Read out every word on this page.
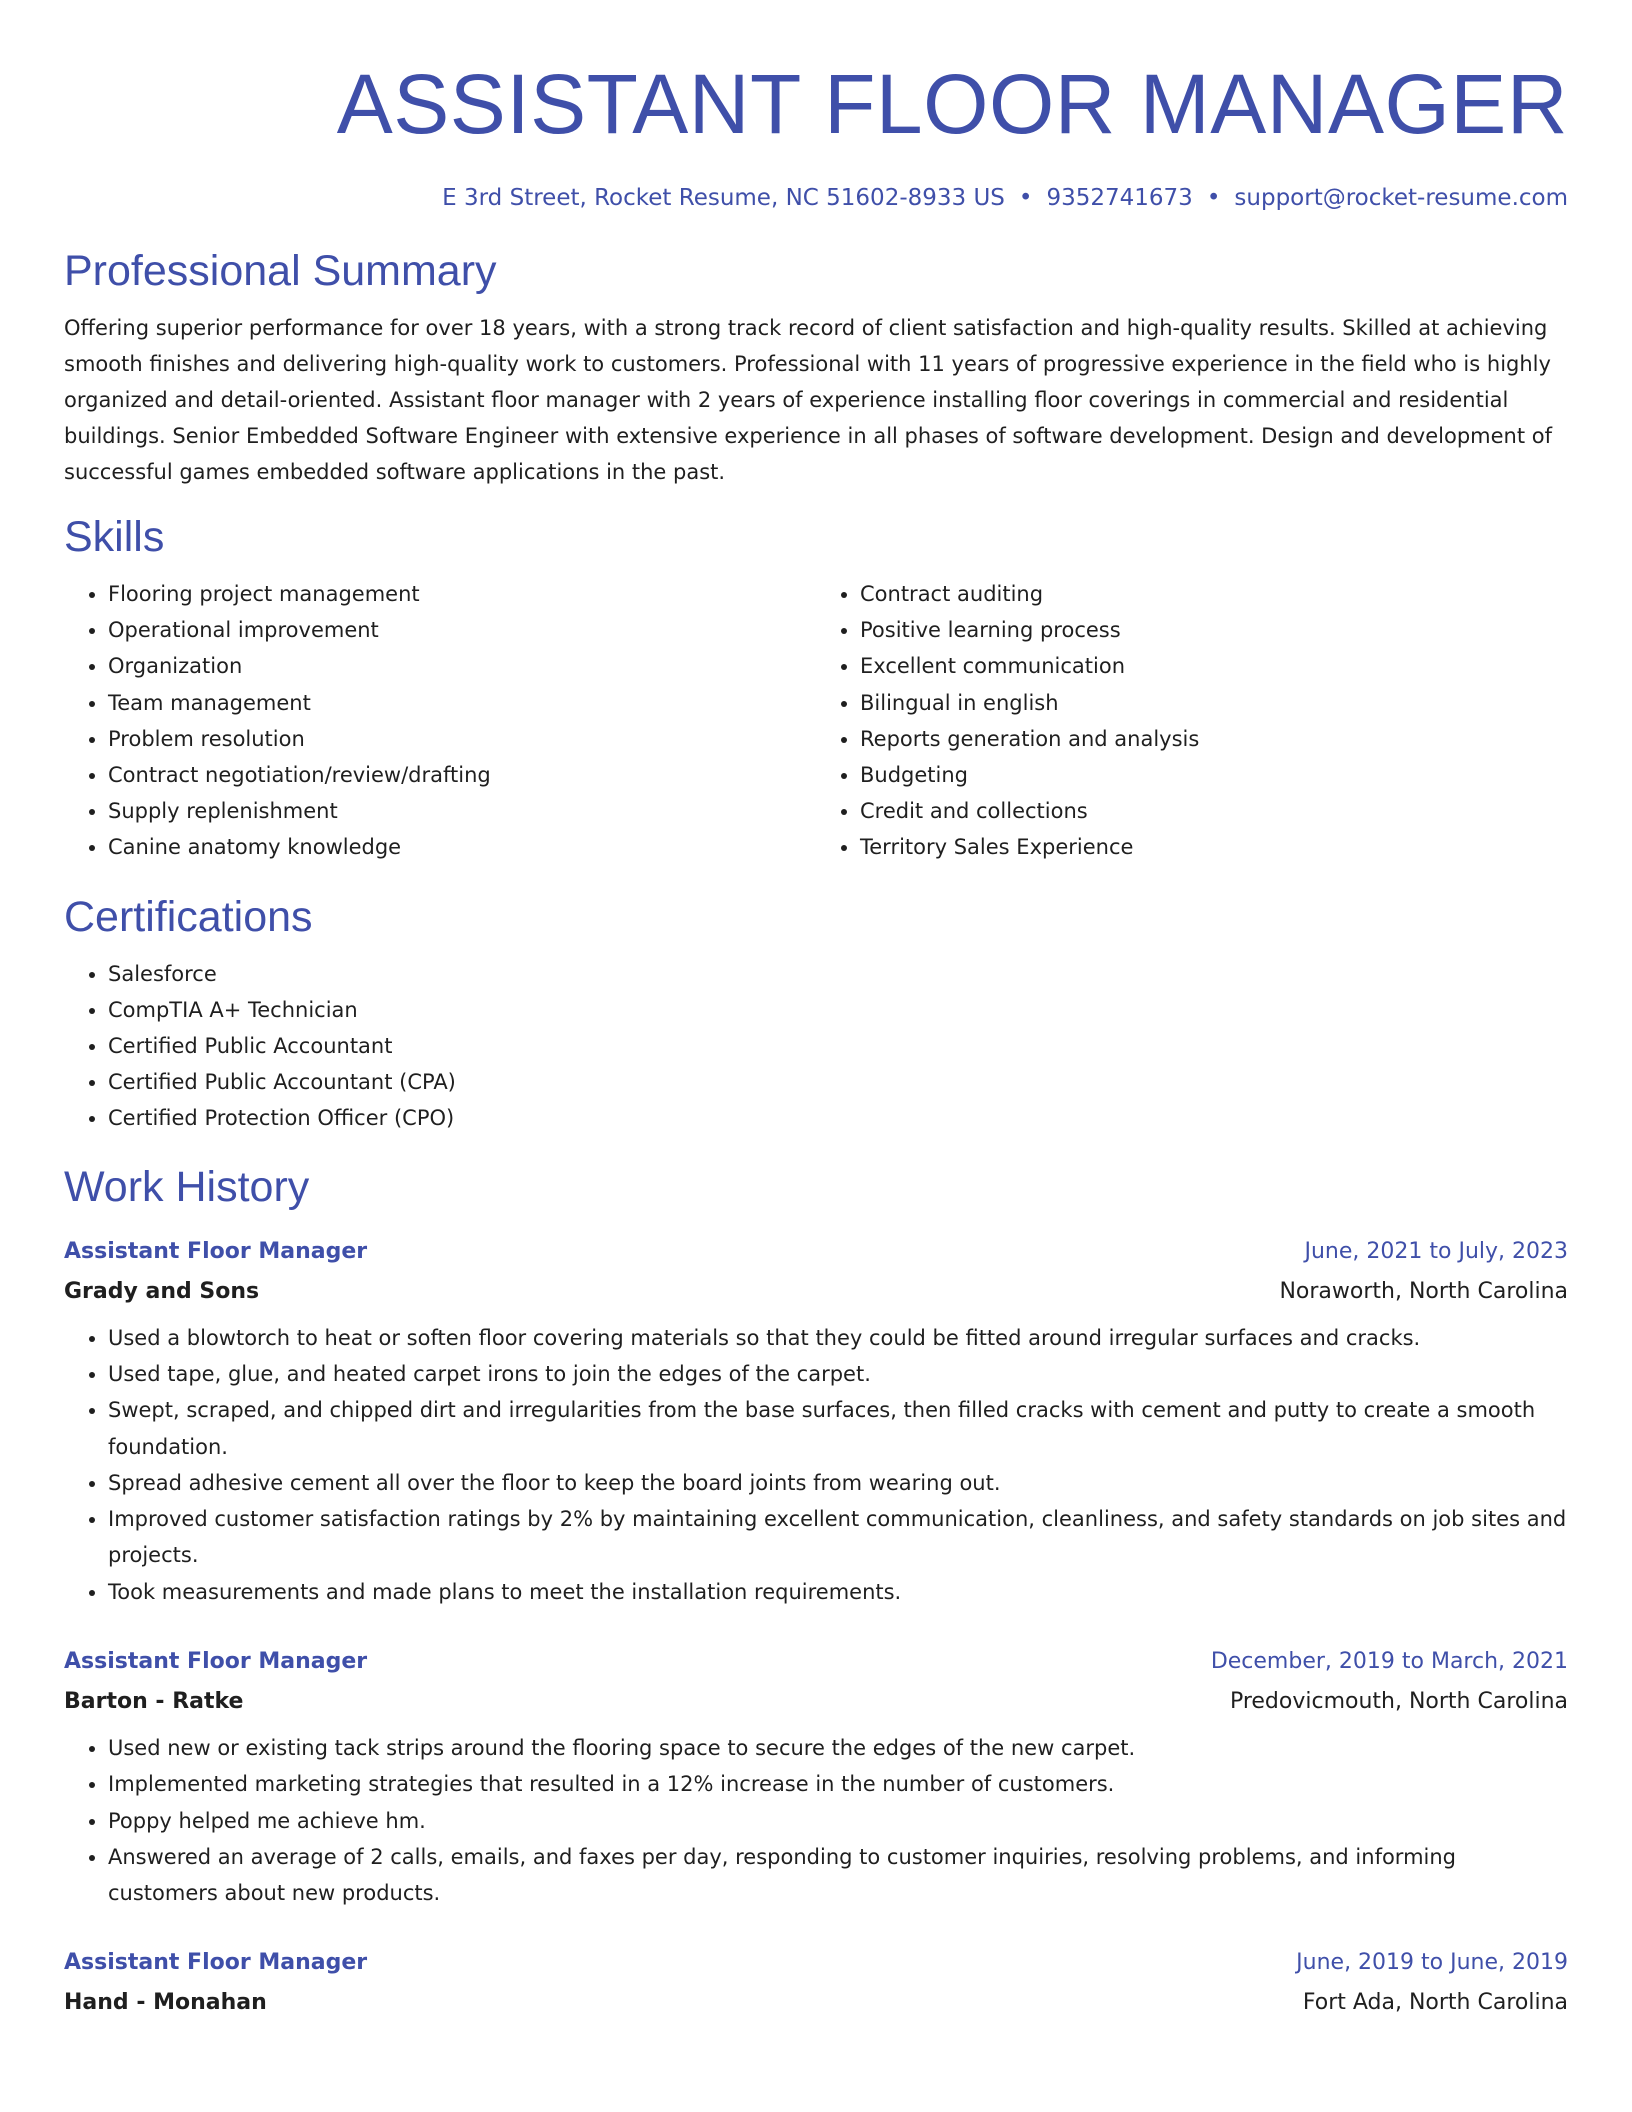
ASSISTANT FLOOR MANAGER
E 3rd Street, Rocket Resume, NC 51602-8933 US • 9352741673 • support@rocket-resume.com
Professional Summary

Offering superior performance for over 18 years, with a strong track record of client satisfaction and high-quality results. Skilled at achieving smooth finishes and delivering high-quality work to customers. Professional with 11 years of progressive experience in the field who is highly organized and detail-oriented. Assistant floor manager with 2 years of experience installing floor coverings in commercial and residential buildings. Senior Embedded Software Engineer with extensive experience in all phases of software development. Design and development of successful games embedded software applications in the past.

Skills
• Flooring project management
• Operational improvement
• Organization
• Team management
• Problem resolution
• Contract negotiation/review/drafting
• Supply replenishment
• Canine anatomy knowledge
• Contract auditing
• Positive learning process
• Excellent communication
• Bilingual in english
• Reports generation and analysis
• Budgeting
• Credit and collections
• Territory Sales Experience
Certifications
• Salesforce
• CompTIA A+ Technician
• Certified Public Accountant
• Certified Public Accountant (CPA)
• Certified Protection Officer (CPO)
Work History
Assistant Floor Manager	June, 2021 to July, 2023
Grady and Sons	Noraworth, North Carolina
• Used a blowtorch to heat or soften floor covering materials so that they could be fitted around irregular surfaces and cracks.
• Used tape, glue, and heated carpet irons to join the edges of the carpet.
• Swept, scraped, and chipped dirt and irregularities from the base surfaces, then filled cracks with cement and putty to create a smooth foundation.
• Spread adhesive cement all over the floor to keep the board joints from wearing out.
• Improved customer satisfaction ratings by 2% by maintaining excellent communication, cleanliness, and safety standards on job sites and projects.
• Took measurements and made plans to meet the installation requirements.
Assistant Floor Manager	December, 2019 to March, 2021
Barton - Ratke	Predovicmouth, North Carolina
• Used new or existing tack strips around the flooring space to secure the edges of the new carpet.
• Implemented marketing strategies that resulted in a 12% increase in the number of customers.
• Poppy helped me achieve hm.
• Answered an average of 2 calls, emails, and faxes per day, responding to customer inquiries, resolving problems, and informing customers about new products.
Assistant Floor Manager	June, 2019 to June, 2019
Hand - Monahan	Fort Ada, North Carolina
